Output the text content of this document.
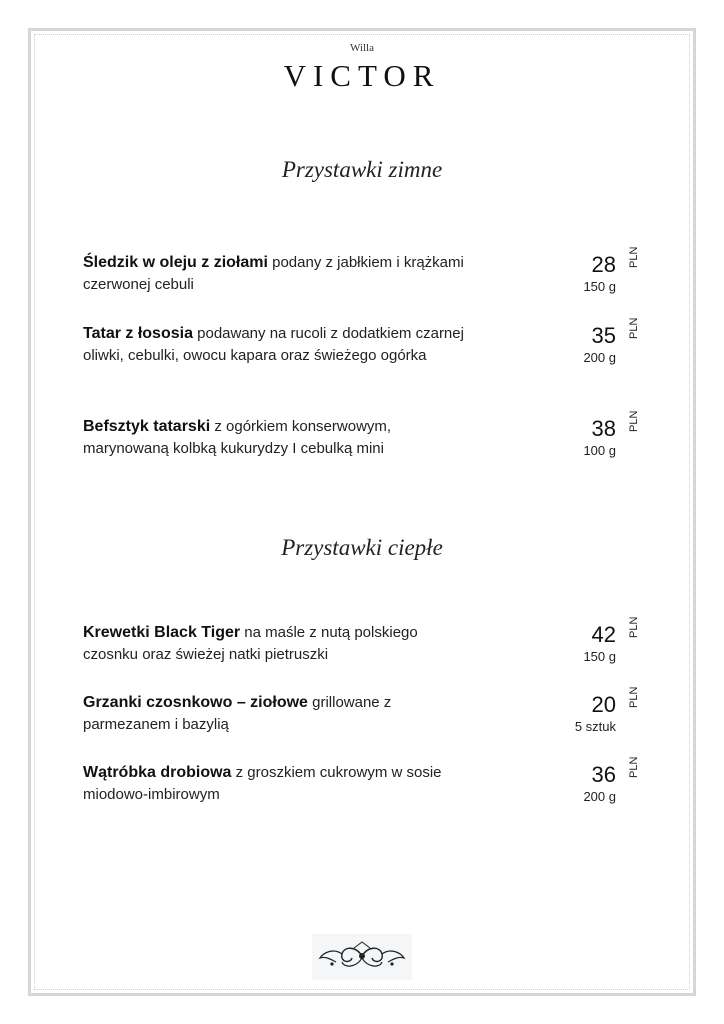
Willa
VICTOR
Przystawki zimne
Śledzik w oleju z ziołami podany z jabłkiem i krążkami czerwonej cebuli
28
150 g
PLN
Tatar z łososia podawany na rucoli z dodatkiem czarnej oliwki, cebulki, owocu kapara oraz świeżego ogórka
35
200 g
PLN
Befsztyk tatarski z ogórkiem konserwowym, marynowaną kolbką kukurydzy I cebulką mini
38
100 g
PLN
Przystawki ciepłe
Krewetki Black Tiger na maśle z nutą polskiego czosnku oraz świeżej natki pietruszki
42
150 g
PLN
Grzanki czosnkowo – ziołowe grillowane z parmezanem i bazylią
20
5 sztuk
PLN
Wątróbka drobiowa z groszkiem cukrowym w sosie miodowo-imbirowym
36
200 g
PLN
